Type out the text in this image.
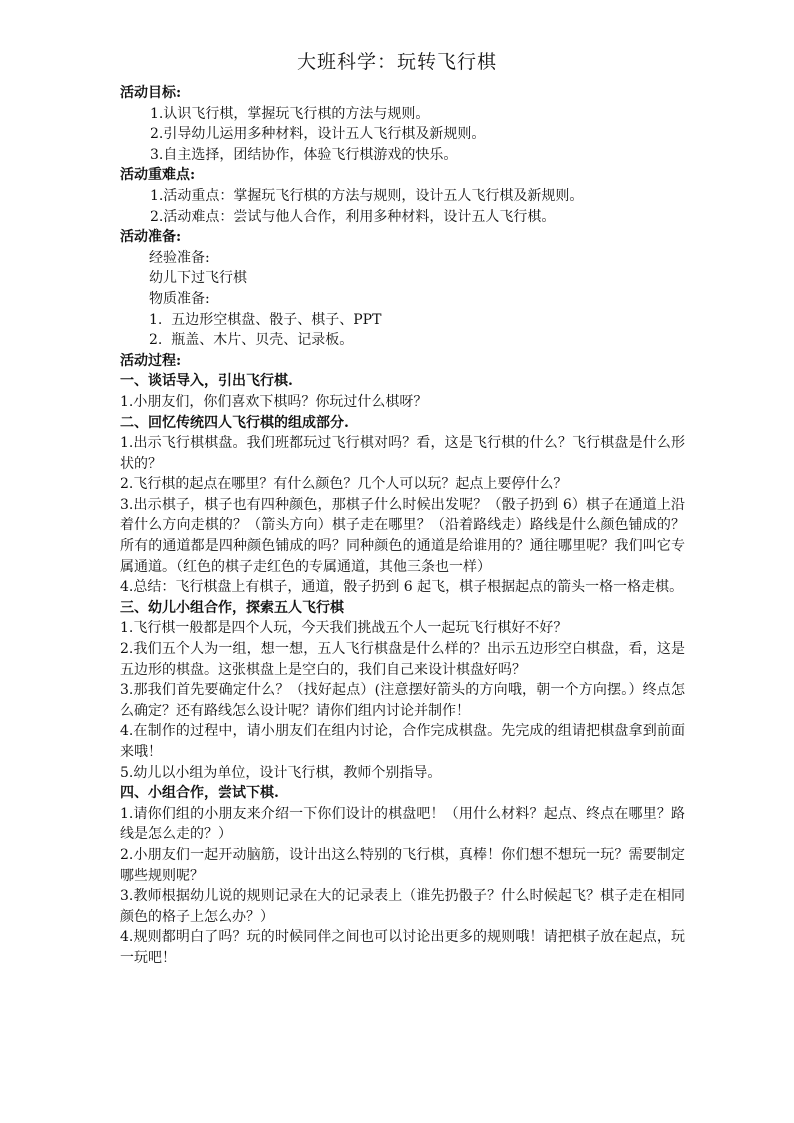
大班科学：玩转飞行棋
活动目标:
1.认识飞行棋，掌握玩飞行棋的方法与规则。
2.引导幼儿运用多种材料，设计五人飞行棋及新规则。
3.自主选择，团结协作，体验飞行棋游戏的快乐。
活动重难点:
1.活动重点：掌握玩飞行棋的方法与规则，设计五人飞行棋及新规则。
2.活动难点：尝试与他人合作，利用多种材料，设计五人飞行棋。
活动准备:
经验准备:
幼儿下过飞行棋
物质准备:
1.  五边形空棋盘、骰子、棋子、PPT
2.  瓶盖、木片、贝壳、记录板。
活动过程:
一、谈话导入，引出飞行棋.
1.小朋友们，你们喜欢下棋吗？你玩过什么棋呀？
二、回忆传统四人飞行棋的组成部分.
1.出示飞行棋棋盘。我们班都玩过飞行棋对吗？看，这是飞行棋的什么？飞行棋盘是什么形状的？
2.飞行棋的起点在哪里？有什么颜色？几个人可以玩？起点上要停什么？
3.出示棋子，棋子也有四种颜色，那棋子什么时候出发呢？（骰子扔到 6）棋子在通道上沿着什么方向走棋的？（箭头方向）棋子走在哪里？（沿着路线走）路线是什么颜色铺成的？所有的通道都是四种颜色铺成的吗？同种颜色的通道是给谁用的？通往哪里呢？我们叫它专属通道。（红色的棋子走红色的专属通道，其他三条也一样）
4.总结：飞行棋盘上有棋子，通道，骰子扔到 6 起飞，棋子根据起点的箭头一格一格走棋。
三、幼儿小组合作，探索五人飞行棋
1.飞行棋一般都是四个人玩，今天我们挑战五个人一起玩飞行棋好不好？
2.我们五个人为一组，想一想，五人飞行棋盘是什么样的？出示五边形空白棋盘，看，这是五边形的棋盘。这张棋盘上是空白的，我们自己来设计棋盘好吗？
3.那我们首先要确定什么？（找好起点）(注意摆好箭头的方向哦，朝一个方向摆。）终点怎么确定？还有路线怎么设计呢？请你们组内讨论并制作！
4.在制作的过程中，请小朋友们在组内讨论，合作完成棋盘。先完成的组请把棋盘拿到前面来哦！
5.幼儿以小组为单位，设计飞行棋，教师个别指导。
四、小组合作，尝试下棋.
1.请你们组的小朋友来介绍一下你们设计的棋盘吧！（用什么材料？起点、终点在哪里？路线是怎么走的？）
2.小朋友们一起开动脑筋，设计出这么特别的飞行棋，真棒！你们想不想玩一玩？需要制定哪些规则呢？
3.教师根据幼儿说的规则记录在大的记录表上（谁先扔骰子？什么时候起飞？棋子走在相同颜色的格子上怎么办？）
4.规则都明白了吗？玩的时候同伴之间也可以讨论出更多的规则哦！请把棋子放在起点，玩一玩吧！
